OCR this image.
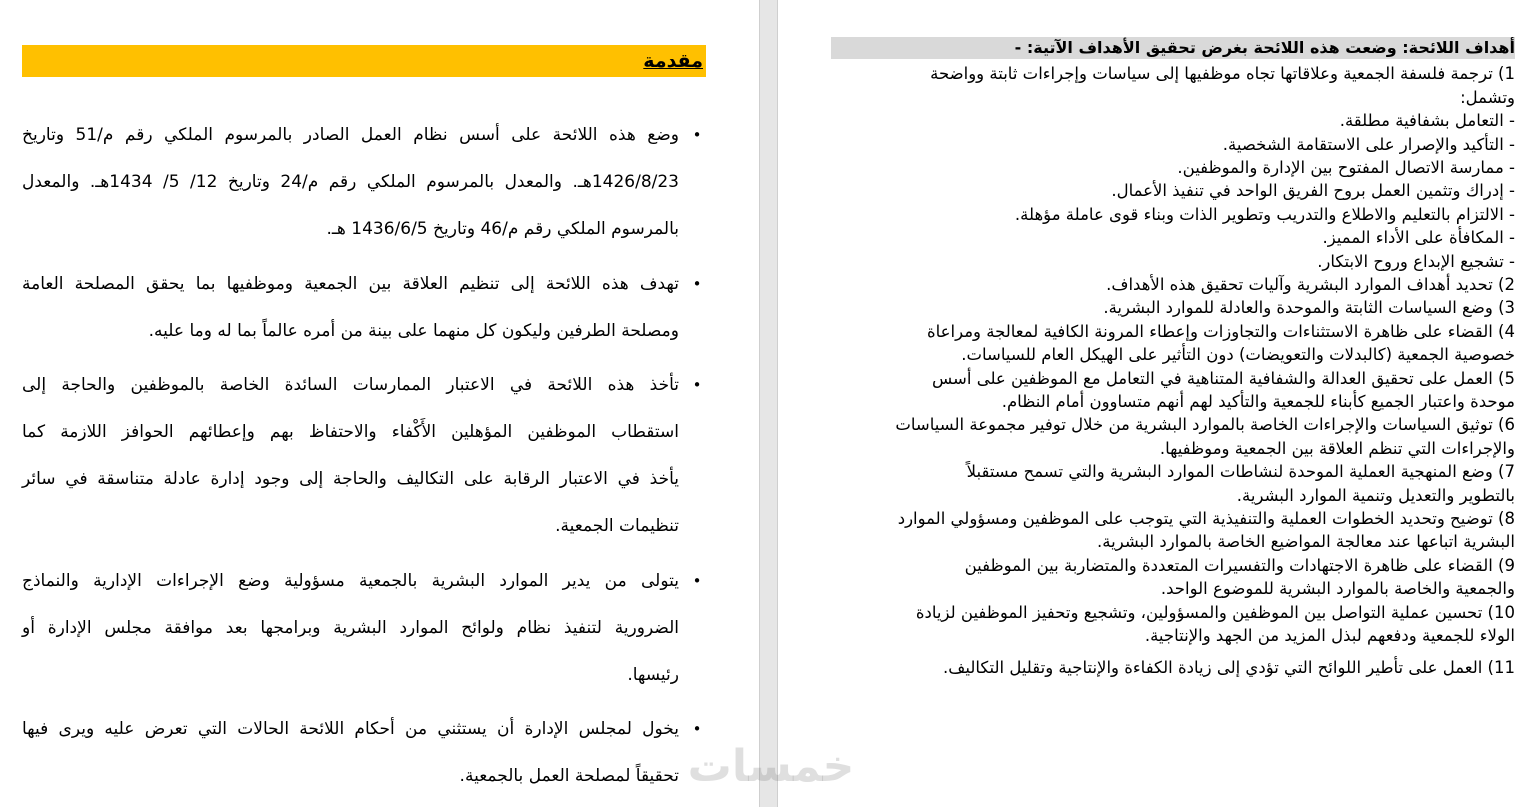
مقدمة
•
وضع هذه اللائحة على أسس نظام العمل الصادر بالمرسوم الملكي رقم م/51 وتاريخ
1426/8/23هـ. والمعدل بالمرسوم الملكي رقم م/24 وتاريخ 12/ 5/ 1434هـ. والمعدل
بالمرسوم الملكي رقم م/46 وتاريخ 1436/6/5 هـ.
•
تهدف هذه اللائحة إلى تنظيم العلاقة بين الجمعية وموظفيها بما يحقق المصلحة العامة
ومصلحة الطرفين وليكون كل منهما على بينة من أمره عالماً بما له وما عليه.
•
تأخذ هذه اللائحة في الاعتبار الممارسات السائدة الخاصة بالموظفين والحاجة إلى
استقطاب الموظفين المؤهلين الأَكْفاء والاحتفاظ بهم وإعطائهم الحوافز اللازمة كما
يأخذ في الاعتبار الرقابة على التكاليف والحاجة إلى وجود إدارة عادلة متناسقة في سائر
تنظيمات الجمعية.
•
يتولى من يدير الموارد البشرية بالجمعية مسؤولية وضع الإجراءات الإدارية والنماذج
الضرورية لتنفيذ نظام ولوائح الموارد البشرية وبرامجها بعد موافقة مجلس الإدارة أو
رئيسها.
•
يخول لمجلس الإدارة أن يستثني من أحكام اللائحة الحالات التي تعرض عليه ويرى فيها
تحقيقاً لمصلحة العمل بالجمعية.
أهداف اللائحة: وضعت هذه اللائحة بغرض تحقيق الأهداف الآتية: -
1) ترجمة فلسفة الجمعية وعلاقاتها تجاه موظفيها إلى سياسات وإجراءات ثابتة وواضحة
وتشمل:
- التعامل بشفافية مطلقة.
- التأكيد والإصرار على الاستقامة الشخصية.
- ممارسة الاتصال المفتوح بين الإدارة والموظفين.
- إدراك وتثمين العمل بروح الفريق الواحد في تنفيذ الأعمال.
- الالتزام بالتعليم والاطلاع والتدريب وتطوير الذات وبناء قوى عاملة مؤهلة.
- المكافأة على الأداء المميز.
- تشجيع الإبداع وروح الابتكار.
2) تحديد أهداف الموارد البشرية وآليات تحقيق هذه الأهداف.
3) وضع السياسات الثابتة والموحدة والعادلة للموارد البشرية.
4) القضاء على ظاهرة الاستثناءات والتجاوزات وإعطاء المرونة الكافية لمعالجة ومراعاة
خصوصية الجمعية (كالبدلات والتعويضات) دون التأثير على الهيكل العام للسياسات.
5) العمل على تحقيق العدالة والشفافية المتناهية في التعامل مع الموظفين على أسس
موحدة واعتبار الجميع كأبناء للجمعية والتأكيد لهم أنهم متساوون أمام النظام.
6) توثيق السياسات والإجراءات الخاصة بالموارد البشرية من خلال توفير مجموعة السياسات
والإجراءات التي تنظم العلاقة بين الجمعية وموظفيها.
7) وضع المنهجية العملية الموحدة لنشاطات الموارد البشرية والتي تسمح مستقبلاً
بالتطوير والتعديل وتنمية الموارد البشرية.
8) توضيح وتحديد الخطوات العملية والتنفيذية التي يتوجب على الموظفين ومسؤولي الموارد
البشرية اتباعها عند معالجة المواضيع الخاصة بالموارد البشرية.
9) القضاء على ظاهرة الاجتهادات والتفسيرات المتعددة والمتضاربة بين الموظفين
والجمعية والخاصة بالموارد البشرية للموضوع الواحد.
10) تحسين عملية التواصل بين الموظفين والمسؤولين، وتشجيع وتحفيز الموظفين لزيادة
الولاء للجمعية ودفعهم لبذل المزيد من الجهد والإنتاجية.
11) العمل على تأطير اللوائح التي تؤدي إلى زيادة الكفاءة والإنتاجية وتقليل التكاليف.
خمسات
